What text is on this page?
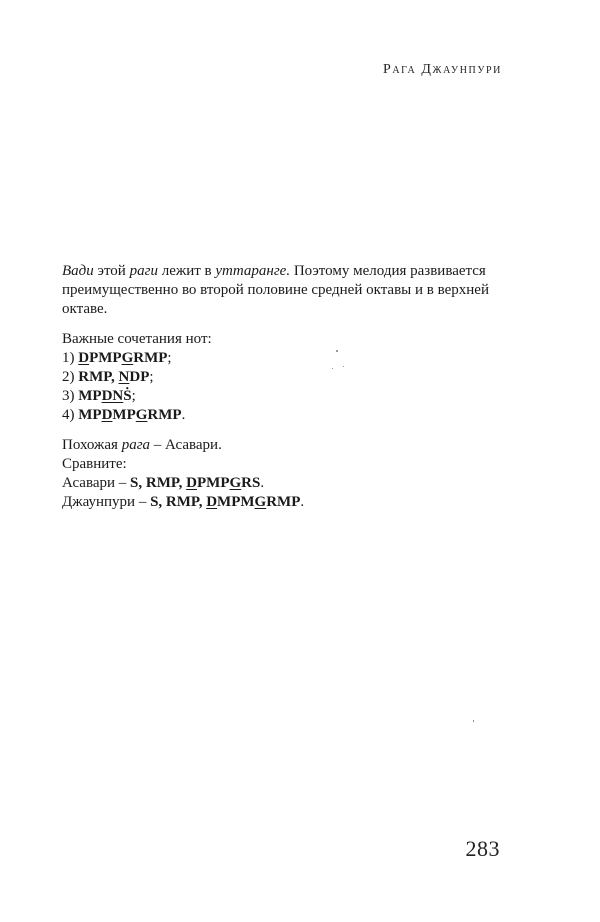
Рага Джаунпури

Вади этой раги лежит в уттаранге. Поэтому мелодия развивается
преимущественно во второй половине средней октавы и в верхней
октаве.

Важные сочетания нот:
1) DPMPGRMP;
2) RMP, NDP;
3) MPDNṠ;
4) MPDMPGRMP.
Похожая рага – Асавари.
Сравните:
Асавари – S, RMP, DPMPGRS.
Джаунпури – S, RMP, DMPMGRMP.
283
